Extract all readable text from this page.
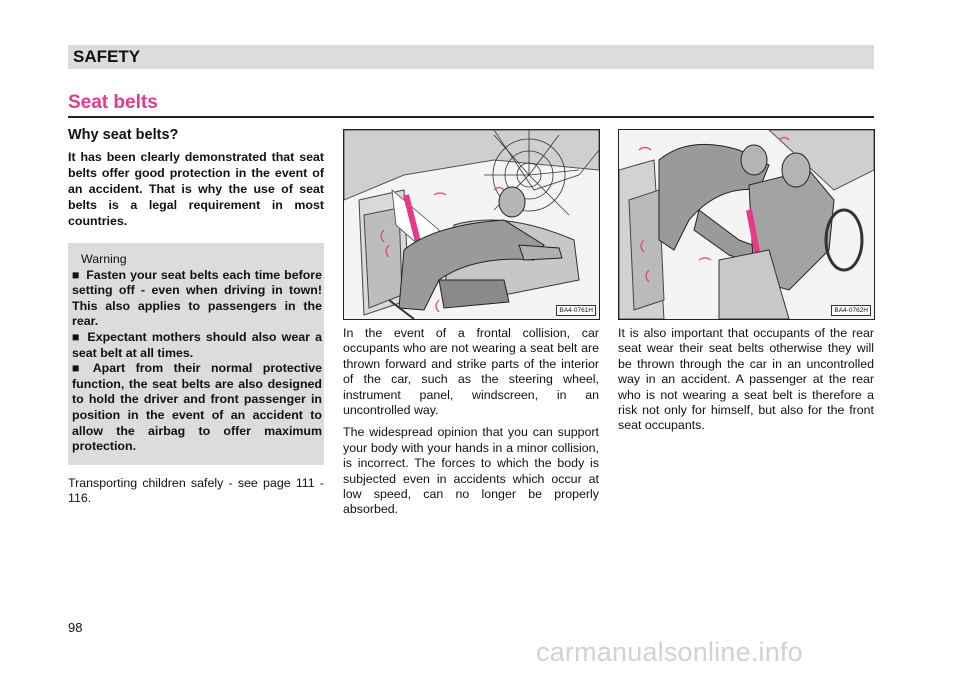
SAFETY
Seat belts
Why seat belts?

It has been clearly demonstrated that seat belts offer good protection in the event of an accident. That is why the use of seat belts is a legal requirement in most countries.

Warning

■ Fasten your seat belts each time before setting off - even when driving in town! This also applies to passengers in the rear.

■ Expectant mothers should also wear a seat belt at all times.

■ Apart from their normal protective function, the seat belts are also designed to hold the driver and front passenger in position in the event of an accident to allow the airbag to offer maximum protection.

Transporting children safely - see page 111 - 116.

BA4-0761H	BA4-0762H

In the event of a frontal collision, car occupants who are not wearing a seat belt are thrown forward and strike parts of the interior of the car, such as the steering wheel, instrument panel, windscreen, in an uncontrolled way.

The widespread opinion that you can support your body with your hands in a minor collision, is incorrect. The forces to which the body is subjected even in accidents which occur at low speed, can no longer be properly absorbed.

It is also important that occupants of the rear seat wear their seat belts otherwise they will be thrown through the car in an uncontrolled way in an accident. A passenger at the rear who is not wearing a seat belt is therefore a risk not only for himself, but also for the front seat occupants.

98
carmanualsonline.info
